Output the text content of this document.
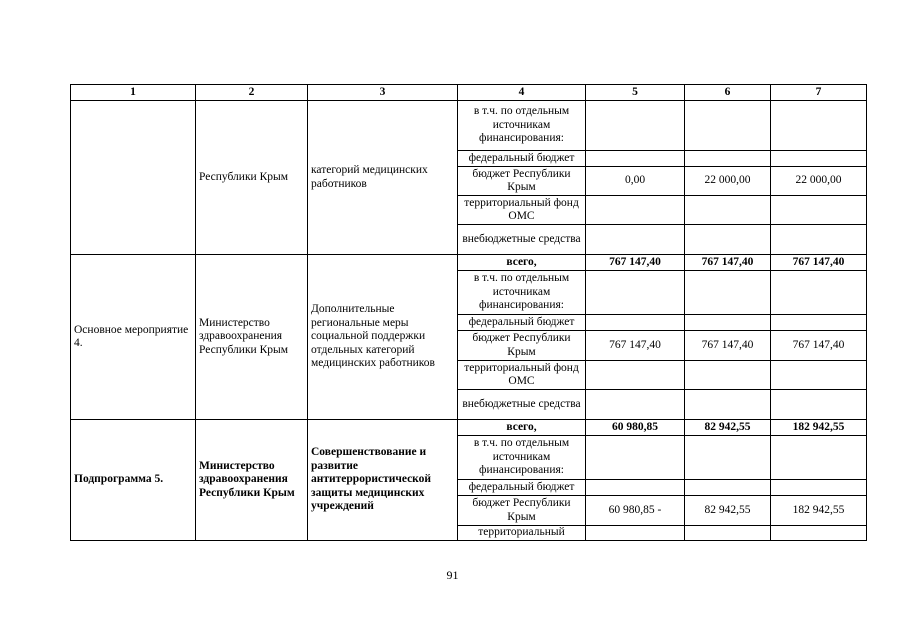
1	2	3	4	5	6	7
	Республики Крым	категорий медицинских работников	в т.ч. по отдельным источникам финансирования:			
			федеральный бюджет			
			бюджет Республики Крым	0,00	22 000,00	22 000,00
			территориальный фонд ОМС			
			внебюджетные средства			
Основное мероприятие 4.	Министерство здравоохранения Республики Крым	Дополнительные региональные меры социальной поддержки отдельных категорий медицинских работников	всего,	767 147,40	767 147,40	767 147,40
			в т.ч. по отдельным источникам финансирования:			
			федеральный бюджет			
			бюджет Республики Крым	767 147,40	767 147,40	767 147,40
			территориальный фонд ОМС			
			внебюджетные средства			
Подпрограмма 5.	Министерство здравоохранения Республики Крым	Совершенствование и развитие антитеррористической защиты медицинских учреждений	всего,	60 980,85	82 942,55	182 942,55
			в т.ч. по отдельным источникам финансирования:			
			федеральный бюджет			
			бюджет Республики Крым	60 980,85 -	82 942,55	182 942,55
			территориальный			
91
